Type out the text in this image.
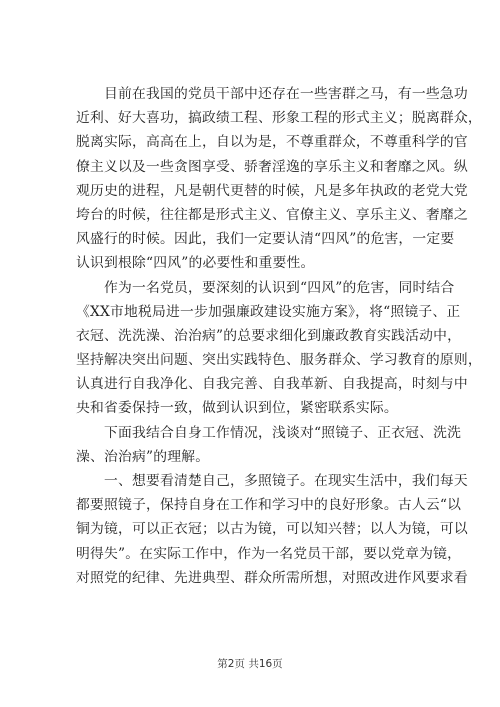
目前在我国的党员干部中还存在一些害群之马，有一些急功
近利、好大喜功，搞政绩工程、形象工程的形式主义；脱离群众，
脱离实际，高高在上，自以为是，不尊重群众，不尊重科学的官
僚主义以及一些贪图享受、骄奢淫逸的享乐主义和奢靡之风。纵
观历史的进程，凡是朝代更替的时候，凡是多年执政的老党大党
垮台的时候，往往都是形式主义、官僚主义、享乐主义、奢靡之
风盛行的时候。因此，我们一定要认清“四风”的危害，一定要
认识到根除“四风”的必要性和重要性。
作为一名党员，要深刻的认识到“四风”的危害，同时结合
《XX市地税局进一步加强廉政建设实施方案》，将“照镜子、正
衣冠、洗洗澡、治治病”的总要求细化到廉政教育实践活动中，
坚持解决突出问题、突出实践特色、服务群众、学习教育的原则，
认真进行自我净化、自我完善、自我革新、自我提高，时刻与中
央和省委保持一致，做到认识到位，紧密联系实际。
下面我结合自身工作情况，浅谈对“照镜子、正衣冠、洗洗
澡、治治病”的理解。
一、想要看清楚自己，多照镜子。在现实生活中，我们每天
都要照镜子，保持自身在工作和学习中的良好形象。古人云“以
铜为镜，可以正衣冠；以古为镜，可以知兴替；以人为镜，可以
明得失”。在实际工作中，作为一名党员干部，要以党章为镜，
对照党的纪律、先进典型、群众所需所想，对照改进作风要求看
第2页 共16页
